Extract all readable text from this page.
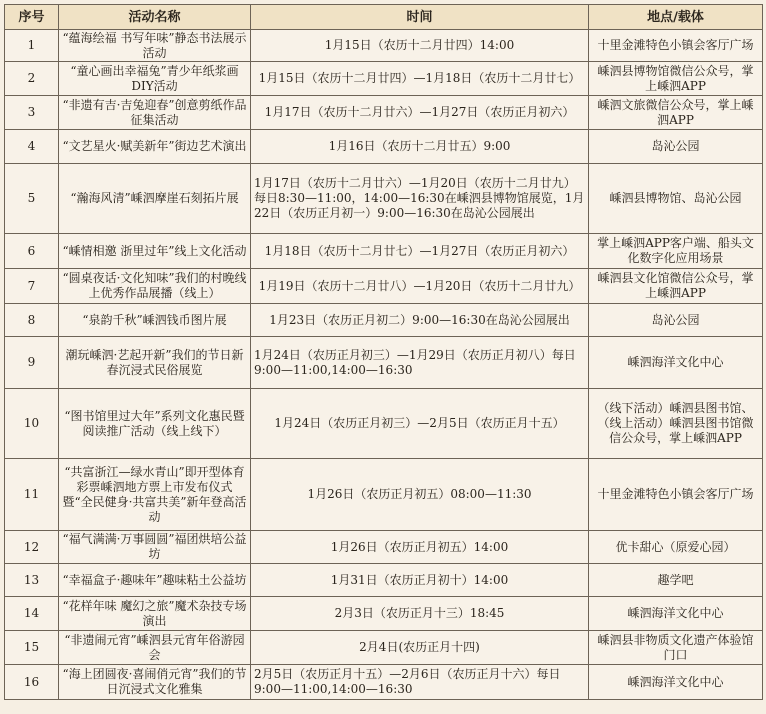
序号	活动名称	时间	地点/载体
1	“蕴海绘福 书写年味”静态书法展示活动	1月15日（农历十二月廿四）14:00	十里金滩特色小镇会客厅广场
2	“童心画出幸福兔”青少年纸浆画DIY活动	1月15日（农历十二月廿四）—1月18日（农历十二月廿七）	嵊泗县博物馆微信公众号，掌上嵊泗APP
3	“非遗有吉·吉兔迎春”创意剪纸作品征集活动	1月17日（农历十二月廿六）—1月27日（农历正月初六）	嵊泗文旅微信公众号，掌上嵊泗APP
4	“文艺星火·赋美新年”街边艺术演出	1月16日（农历十二月廿五）9:00	岛沁公园
5	“瀚海风清”嵊泗摩崖石刻拓片展	1月17日（农历十二月廿六）—1月20日（农历十二月廿九）每日8:30—11:00，14:00—16:30在嵊泗县博物馆展览，1月22日（农历正月初一）9:00—16:30在岛沁公园展出	嵊泗县博物馆、岛沁公园
6	“嵊情相邀 浙里过年”线上文化活动	1月18日（农历十二月廿七）—1月27日（农历正月初六）	掌上嵊泗APP客户端、船头文化数字化应用场景
7	“圆桌夜话·文化知味”我们的村晚线上优秀作品展播（线上）	1月19日（农历十二月廿八）—1月20日（农历十二月廿九）	嵊泗县文化馆微信公众号，掌上嵊泗APP
8	“泉韵千秋”嵊泗钱币图片展	1月23日（农历正月初二）9:00—16:30在岛沁公园展出	岛沁公园
9	潮玩嵊泗·艺起开新”我们的节日新春沉浸式民俗展览	1月24日（农历正月初三）—1月29日（农历正月初八）每日9:00—11:00,14:00—16:30	嵊泗海洋文化中心
10	“图书馆里过大年”系列文化惠民暨阅读推广活动（线上线下）	1月24日（农历正月初三）—2月5日（农历正月十五）	（线下活动）嵊泗县图书馆、（线上活动）嵊泗县图书馆微信公众号，掌上嵊泗APP
11	“共富浙江—绿水青山”即开型体育彩票嵊泗地方票上市发布仪式暨“全民健身·共富共美”新年登高活动	1月26日（农历正月初五）08:00—11:30	十里金滩特色小镇会客厅广场
12	“福气满满·万事圆圆”福团烘培公益坊	1月26日（农历正月初五）14:00	优卡甜心（原爱心园）
13	“幸福盒子·趣味年”趣味粘土公益坊	1月31日（农历正月初十）14:00	趣学吧
14	“花样年味 魔幻之旅”魔术杂技专场演出	2月3日（农历正月十三）18:45	嵊泗海洋文化中心
15	“非遗闹元宵”嵊泗县元宵年俗游园会	2月4日(农历正月十四)	嵊泗县非物质文化遗产体验馆门口
16	“海上团圆夜·喜闹俏元宵”我们的节日沉浸式文化雅集	2月5日（农历正月十五）—2月6日（农历正月十六）每日9:00—11:00,14:00—16:30	嵊泗海洋文化中心
